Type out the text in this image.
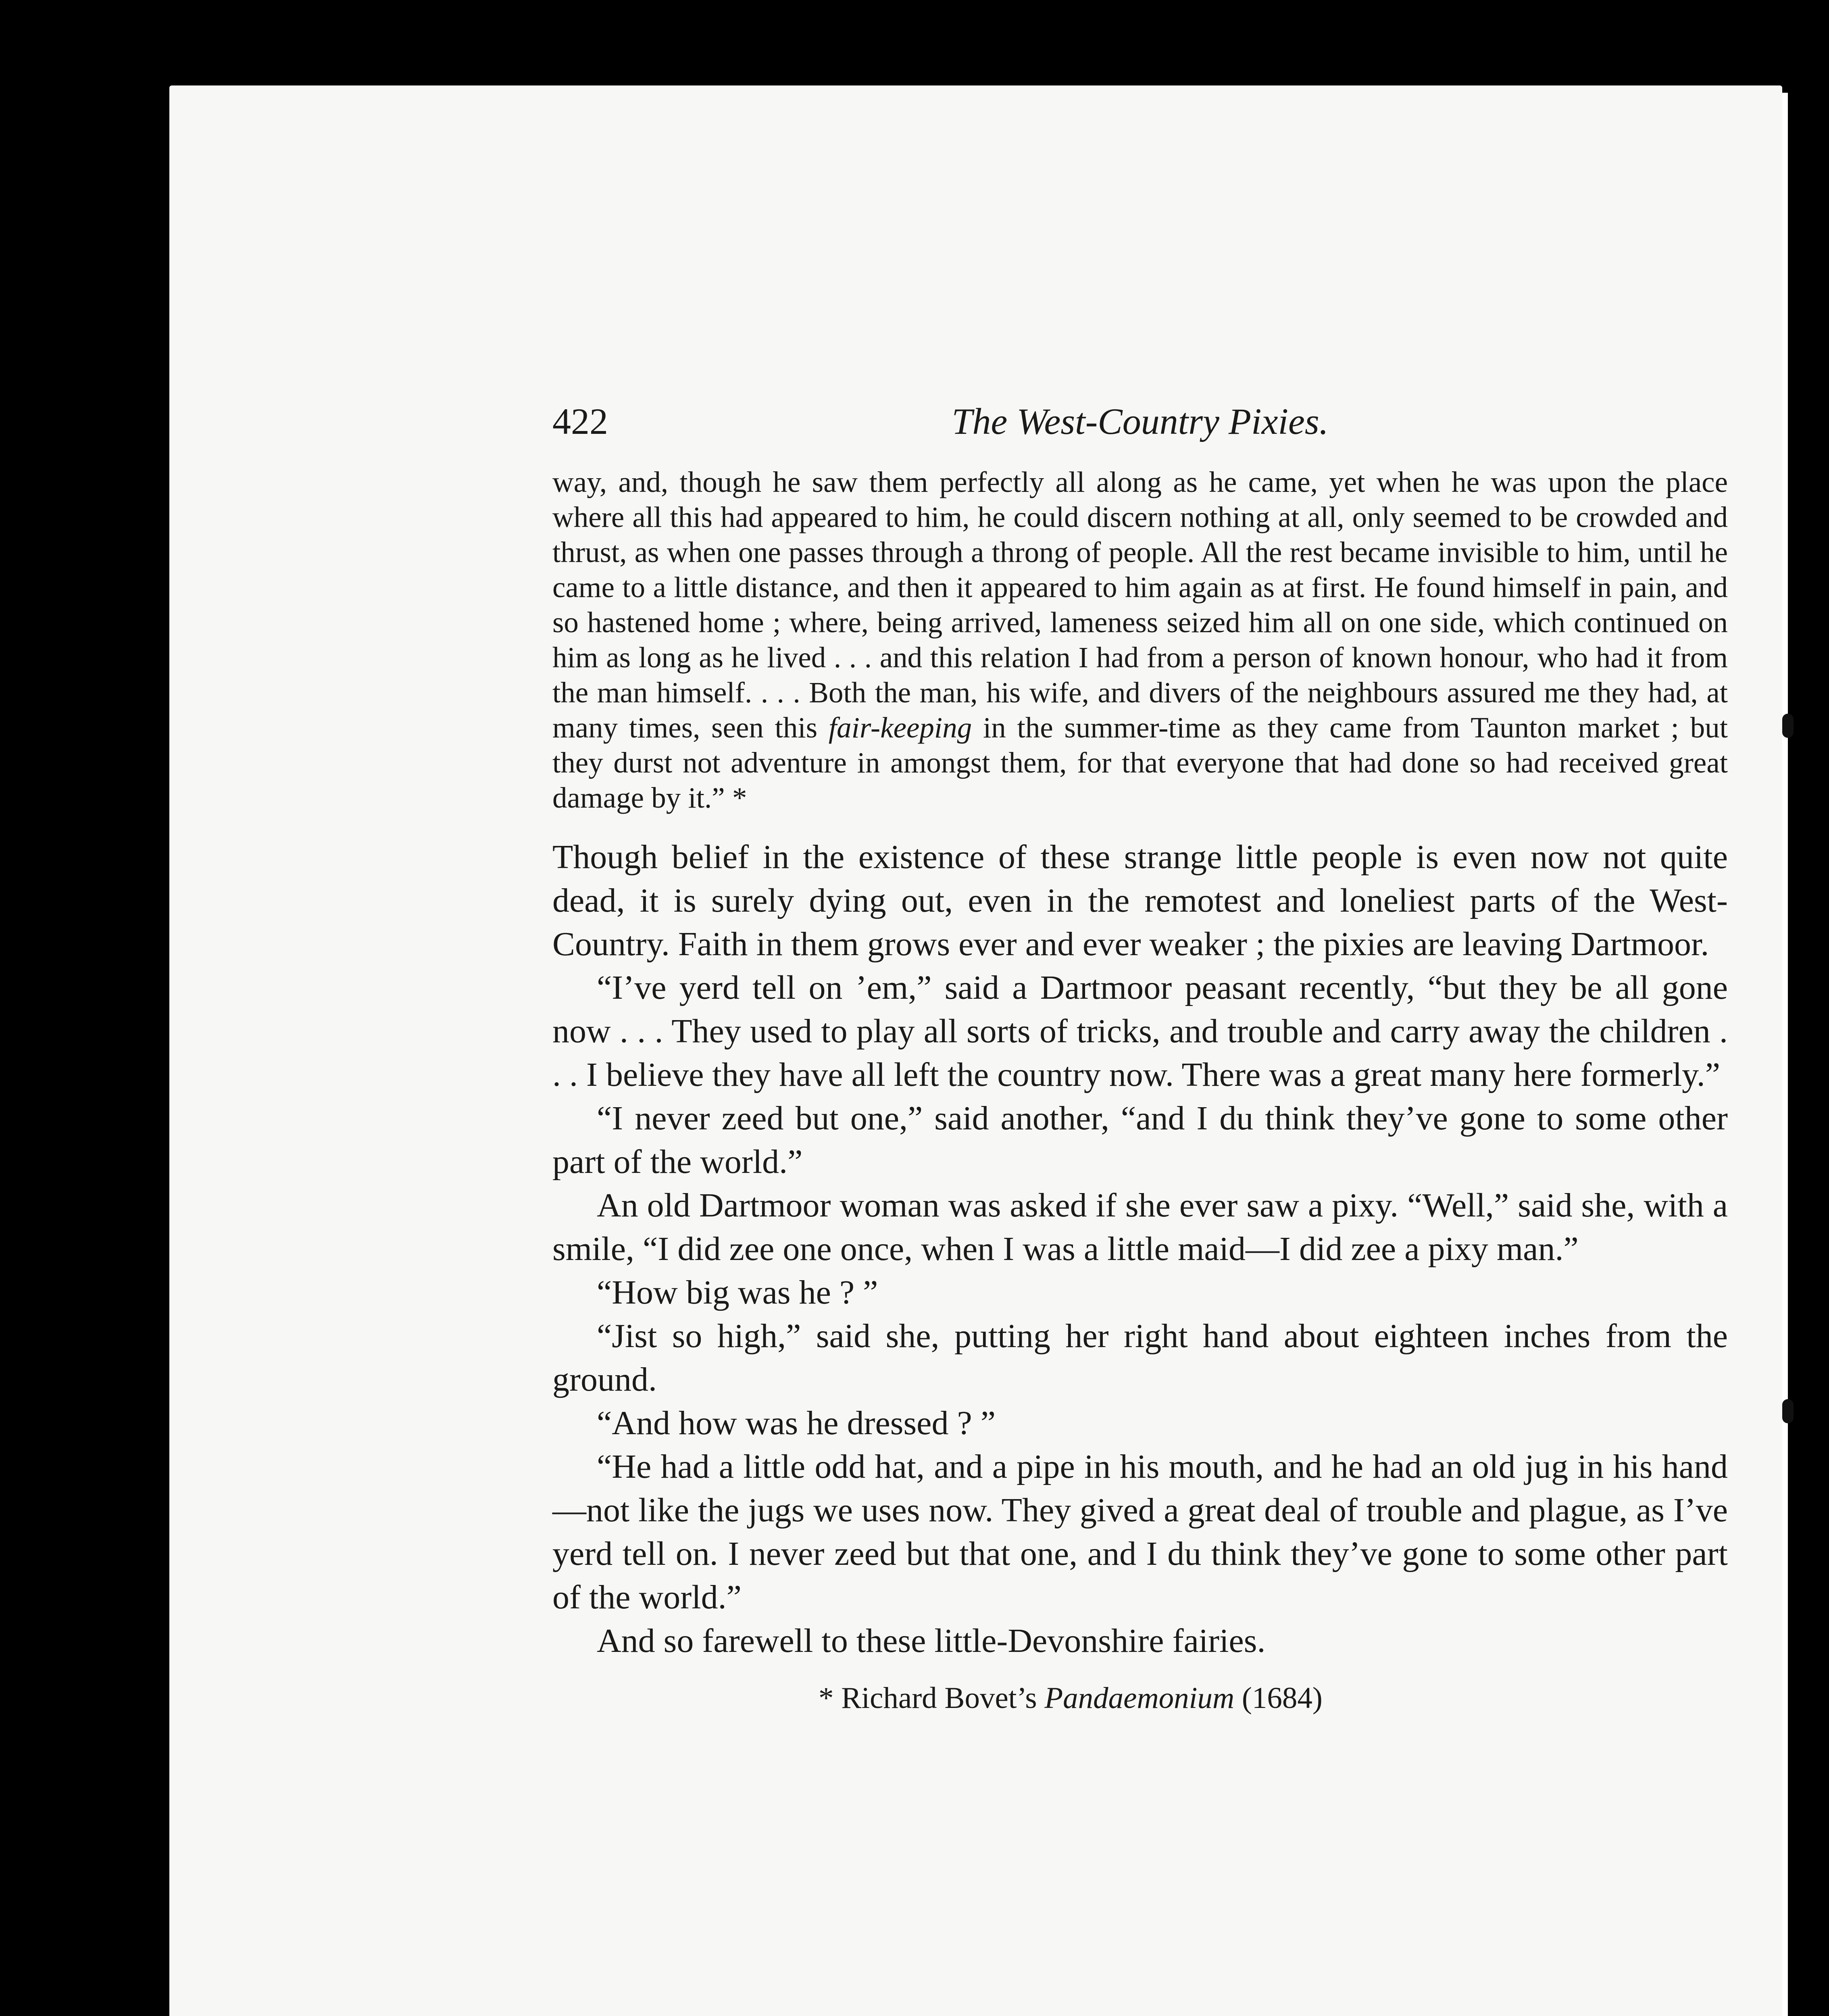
422	The West-Country Pixies.
way, and, though he saw them perfectly all along as he came, yet when he was upon the place where all this had appeared to him, he could discern nothing at all, only seemed to be crowded and thrust, as when one passes through a throng of people. All the rest became invisible to him, until he came to a little distance, and then it appeared to him again as at first. He found himself in pain, and so hastened home ; where, being arrived, lameness seized him all on one side, which continued on him as long as he lived . . . and this relation I had from a person of known honour, who had it from the man himself. . . . Both the man, his wife, and divers of the neighbours assured me they had, at many times, seen this fair-keeping in the summer-time as they came from Taunton market ; but they durst not adventure in amongst them, for that everyone that had done so had received great damage by it.” *

Though belief in the existence of these strange little people is even now not quite dead, it is surely dying out, even in the remotest and loneliest parts of the West-Country. Faith in them grows ever and ever weaker ; the pixies are leaving Dartmoor.

“I’ve yerd tell on ’em,” said a Dartmoor peasant recently, “but they be all gone now . . . They used to play all sorts of tricks, and trouble and carry away the children . . . I believe they have all left the country now. There was a great many here formerly.”

“I never zeed but one,” said another, “and I du think they’ve gone to some other part of the world.”

An old Dartmoor woman was asked if she ever saw a pixy. “Well,” said she, with a smile, “I did zee one once, when I was a little maid—I did zee a pixy man.”

“How big was he ? ”

“Jist so high,” said she, putting her right hand about eighteen inches from the ground.

“And how was he dressed ? ”

“He had a little odd hat, and a pipe in his mouth, and he had an old jug in his hand—not like the jugs we uses now. They gived a great deal of trouble and plague, as I’ve yerd tell on. I never zeed but that one, and I du think they’ve gone to some other part of the world.”

And so farewell to these little-Devonshire fairies.

* Richard Bovet’s Pandaemonium (1684)
